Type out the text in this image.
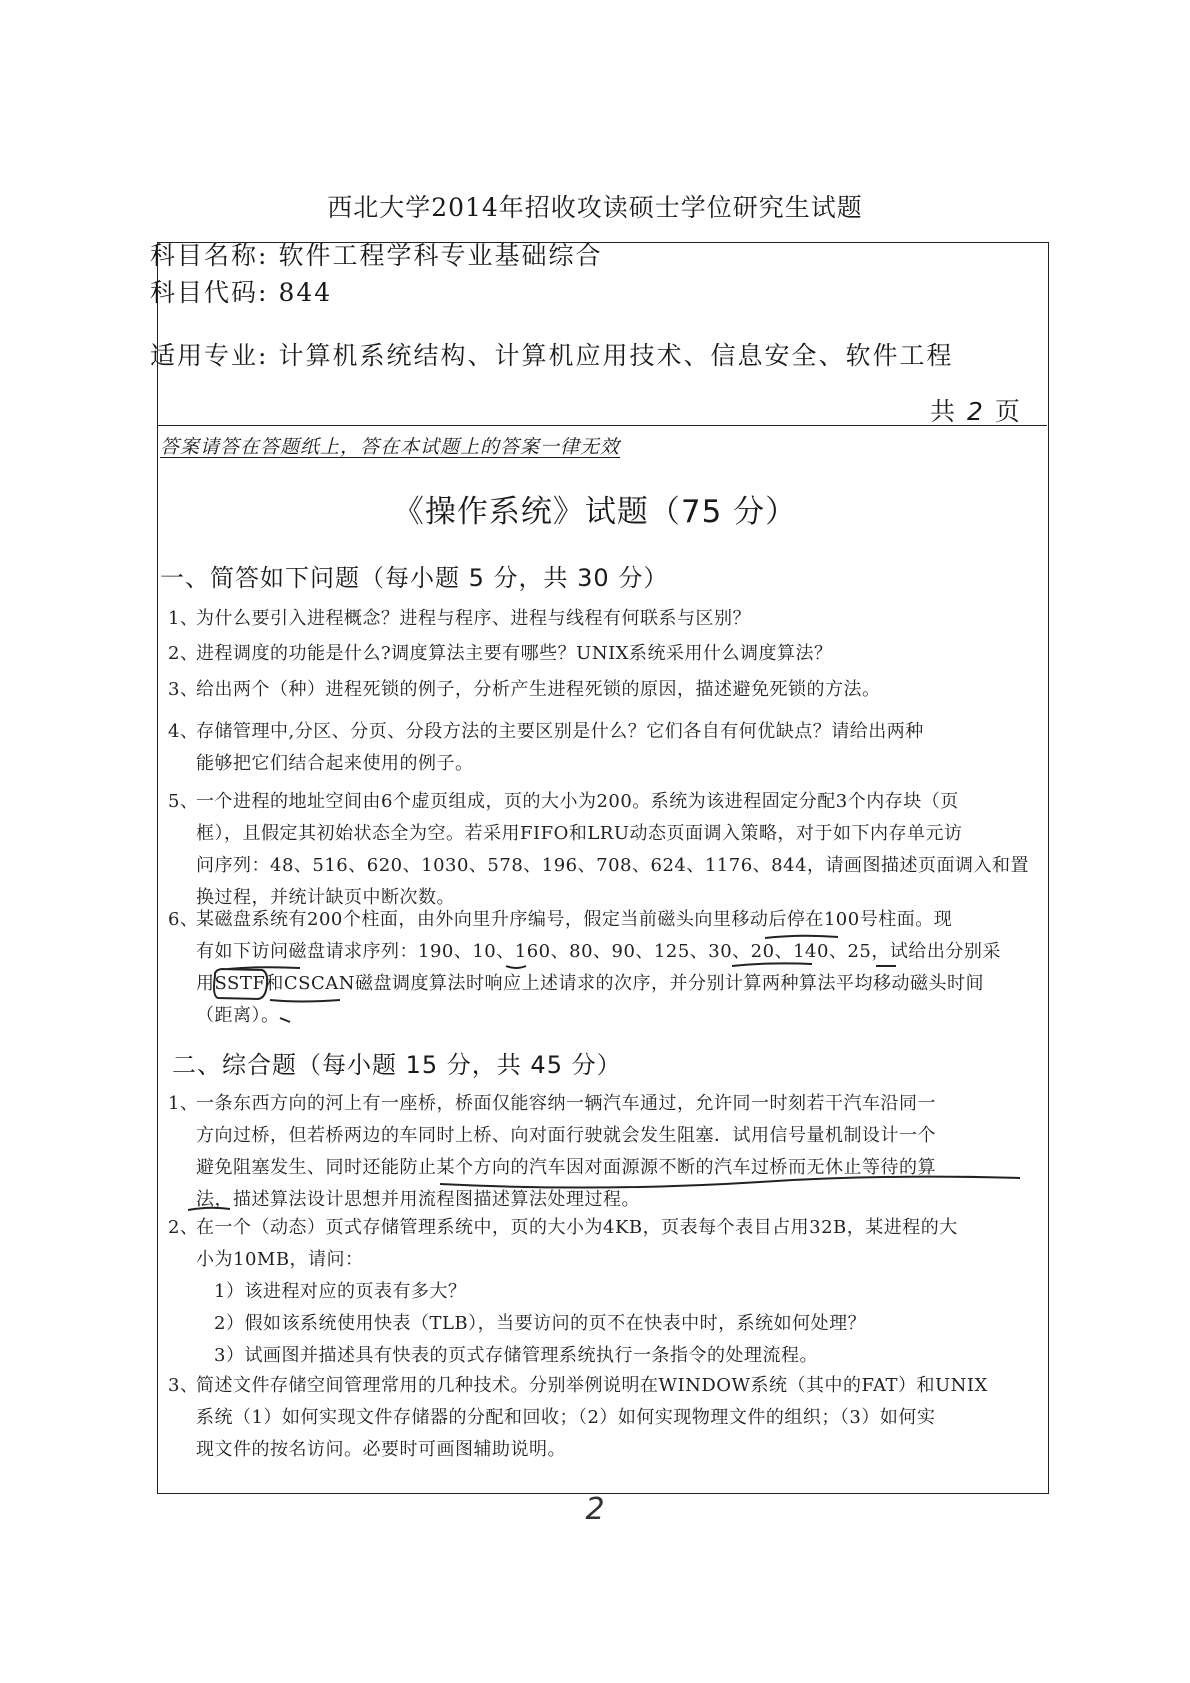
西北大学2014年招收攻读硕士学位研究生试题
科目名称: 软件工程学科专业基础综合
科目代码: 844
适用专业: 计算机系统结构、计算机应用技术、信息安全、软件工程
共 2 页
答案请答在答题纸上，答在本试题上的答案一律无效
《操作系统》试题（75 分）
一、简答如下问题（每小题 5 分，共 30 分）
1、为什么要引入进程概念？进程与程序、进程与线程有何联系与区别？
2、进程调度的功能是什么?调度算法主要有哪些？UNIX系统采用什么调度算法？
3、给出两个（种）进程死锁的例子，分析产生进程死锁的原因，描述避免死锁的方法。
4、存储管理中,分区、分页、分段方法的主要区别是什么？它们各自有何优缺点？请给出两种
能够把它们结合起来使用的例子。
5、一个进程的地址空间由6个虚页组成，页的大小为200。系统为该进程固定分配3个内存块（页
框），且假定其初始状态全为空。若采用FIFO和LRU动态页面调入策略，对于如下内存单元访
问序列：48、516、620、1030、578、196、708、624、1176、844，请画图描述页面调入和置
换过程，并统计缺页中断次数。
6、某磁盘系统有200个柱面，由外向里升序编号，假定当前磁头向里移动后停在100号柱面。现
有如下访问磁盘请求序列：190、10、160、80、90、125、30、20、140、25，试给出分别采
用SSTF和CSCAN磁盘调度算法时响应上述请求的次序，并分别计算两种算法平均移动磁头时间
（距离）。
二、综合题（每小题 15 分，共 45 分）
1、一条东西方向的河上有一座桥，桥面仅能容纳一辆汽车通过，允许同一时刻若干汽车沿同一
方向过桥，但若桥两边的车同时上桥、向对面行驶就会发生阻塞．试用信号量机制设计一个
避免阻塞发生、同时还能防止某个方向的汽车因对面源源不断的汽车过桥而无休止等待的算
法，描述算法设计思想并用流程图描述算法处理过程。
2、在一个（动态）页式存储管理系统中，页的大小为4KB，页表每个表目占用32B，某进程的大
小为10MB，请问：
1）该进程对应的页表有多大？
2）假如该系统使用快表（TLB），当要访问的页不在快表中时，系统如何处理？
3）试画图并描述具有快表的页式存储管理系统执行一条指令的处理流程。
3、简述文件存储空间管理常用的几种技术。分别举例说明在WINDOW系统（其中的FAT）和UNIX
系统（1）如何实现文件存储器的分配和回收；（2）如何实现物理文件的组织；（3）如何实
现文件的按名访问。必要时可画图辅助说明。
2
